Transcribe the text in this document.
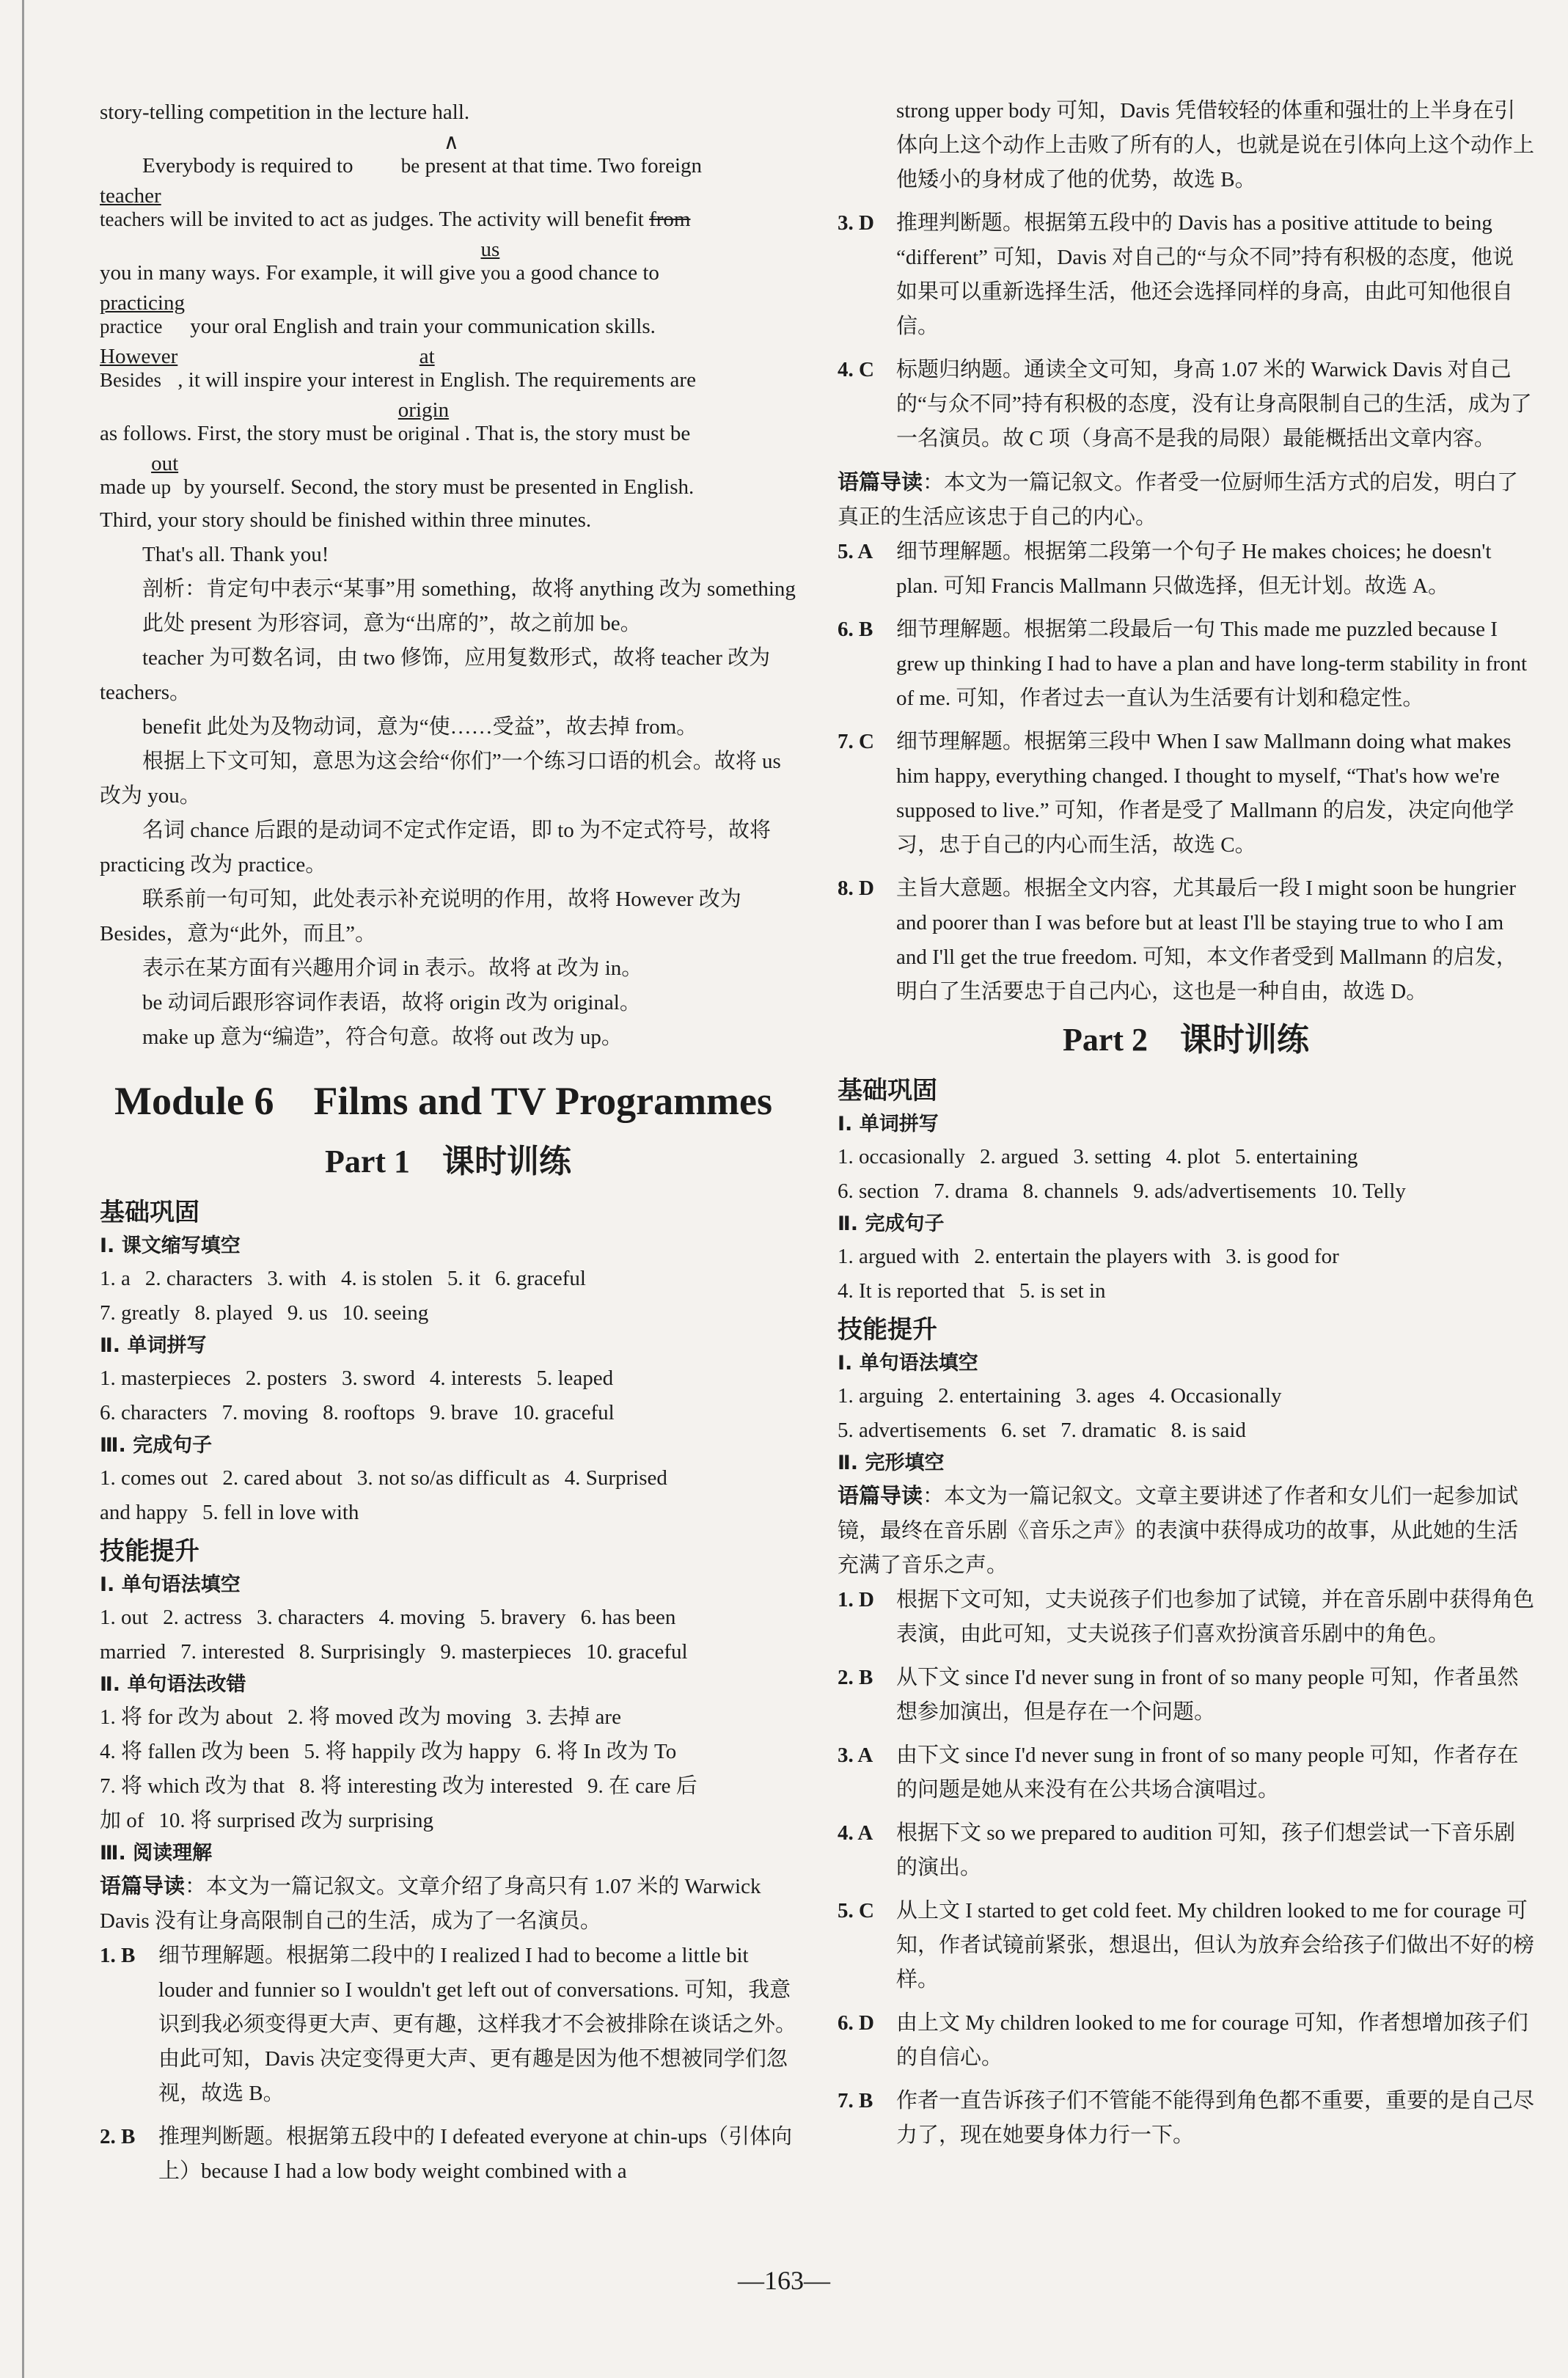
story-telling competition in the lecture hall.
Everybody is required to ∧
be present at that time. Two foreign
teacher
teachers will be invited to act as judges. The activity will benefit from
you in many ways. For example, it will give us
you a good chance to
practicing
practice	your oral English and train your communication skills.
However
Besides , it will inspire your interest $\frac{at}{in}$ English. The requirements are
as follows. First, the story must be origin
original . That is, the story must be
made out
up by yourself. Second, the story must be presented in English.
Third, your story should be finished within three minutes.
That's all. Thank you!
剖析：肯定句中表示“某事”用 something，故将 anything 改为 something
此处 present 为形容词，意为“出席的”，故之前加 be。
teacher 为可数名词，由 two 修饰，应用复数形式，故将 teacher 改为 teachers。
benefit 此处为及物动词，意为“使……受益”，故去掉 from。
根据上下文可知，意思为这会给“你们”一个练习口语的机会。故将 us 改为 you。
名词 chance 后跟的是动词不定式作定语，即 to 为不定式符号，故将 practicing 改为 practice。
联系前一句可知，此处表示补充说明的作用，故将 However 改为 Besides，意为“此外，而且”。
表示在某方面有兴趣用介词 in 表示。故将 at 改为 in。
be 动词后跟形容词作表语，故将 origin 改为 original。
make up 意为“编造”，符合句意。故将 out 改为 up。
Module 6　Films and TV Programmes
Part 1　课时训练
基础巩固
Ⅰ. 课文缩写填空
1. a 2. characters 3. with 4. is stolen 5. it 6. graceful
7. greatly 8. played 9. us 10. seeing
Ⅱ. 单词拼写
1. masterpieces 2. posters 3. sword 4. interests 5. leaped
6. characters 7. moving 8. rooftops 9. brave 10. graceful
Ⅲ. 完成句子
1. comes out 2. cared about 3. not so/as difficult as 4. Surprised
and happy 5. fell in love with
技能提升
Ⅰ. 单句语法填空
1. out 2. actress 3. characters 4. moving 5. bravery 6. has been
married 7. interested 8. Surprisingly 9. masterpieces 10. graceful
Ⅱ. 单句语法改错
1. 将 for 改为 about 2. 将 moved 改为 moving 3. 去掉 are
4. 将 fallen 改为 been 5. 将 happily 改为 happy 6. 将 In 改为 To
7. 将 which 改为 that 8. 将 interesting 改为 interested 9. 在 care 后
加 of 10. 将 surprised 改为 surprising
Ⅲ. 阅读理解
语篇导读：本文为一篇记叙文。文章介绍了身高只有 1.07 米的 Warwick Davis 没有让身高限制自己的生活，成为了一名演员。
1. B	细节理解题。根据第二段中的 I realized I had to become a little bit louder and funnier so I wouldn't get left out of conversations. 可知，我意识到我必须变得更大声、更有趣，这样我才不会被排除在谈话之外。由此可知，Davis 决定变得更大声、更有趣是因为他不想被同学们忽视，故选 B。
2. B	推理判断题。根据第五段中的 I defeated everyone at chin-ups（引体向上）because I had a low body weight combined with a
strong upper body 可知，Davis 凭借较轻的体重和强壮的上半身在引体向上这个动作上击败了所有的人，也就是说在引体向上这个动作上他矮小的身材成了他的优势，故选 B。
3. D	推理判断题。根据第五段中的 Davis has a positive attitude to being “different” 可知，Davis 对自己的“与众不同”持有积极的态度，他说如果可以重新选择生活，他还会选择同样的身高，由此可知他很自信。
4. C	标题归纳题。通读全文可知，身高 1.07 米的 Warwick Davis 对自己的“与众不同”持有积极的态度，没有让身高限制自己的生活，成为了一名演员。故 C 项（身高不是我的局限）最能概括出文章内容。
语篇导读：本文为一篇记叙文。作者受一位厨师生活方式的启发，明白了真正的生活应该忠于自己的内心。
5. A	细节理解题。根据第二段第一个句子 He makes choices; he doesn't plan. 可知 Francis Mallmann 只做选择，但无计划。故选 A。
6. B	细节理解题。根据第二段最后一句 This made me puzzled because I grew up thinking I had to have a plan and have long-term stability in front of me. 可知，作者过去一直认为生活要有计划和稳定性。
7. C	细节理解题。根据第三段中 When I saw Mallmann doing what makes him happy, everything changed. I thought to myself, “That's how we're supposed to live.” 可知，作者是受了 Mallmann 的启发，决定向他学习，忠于自己的内心而生活，故选 C。
8. D	主旨大意题。根据全文内容，尤其最后一段 I might soon be hungrier and poorer than I was before but at least I'll be staying true to who I am and I'll get the true freedom. 可知，本文作者受到 Mallmann 的启发，明白了生活要忠于自己内心，这也是一种自由，故选 D。
Part 2　课时训练
基础巩固
Ⅰ. 单词拼写
1. occasionally 2. argued 3. setting 4. plot 5. entertaining
6. section 7. drama 8. channels 9. ads/advertisements 10. Telly
Ⅱ. 完成句子
1. argued with 2. entertain the players with 3. is good for
4. It is reported that 5. is set in
技能提升
Ⅰ. 单句语法填空
1. arguing 2. entertaining 3. ages 4. Occasionally
5. advertisements 6. set 7. dramatic 8. is said
Ⅱ. 完形填空
语篇导读：本文为一篇记叙文。文章主要讲述了作者和女儿们一起参加试镜，最终在音乐剧《音乐之声》的表演中获得成功的故事，从此她的生活充满了音乐之声。
1. D	根据下文可知，丈夫说孩子们也参加了试镜，并在音乐剧中获得角色表演，由此可知，丈夫说孩子们喜欢扮演音乐剧中的角色。
2. B	从下文 since I'd never sung in front of so many people 可知，作者虽然想参加演出，但是存在一个问题。
3. A	由下文 since I'd never sung in front of so many people 可知，作者存在的问题是她从来没有在公共场合演唱过。
4. A	根据下文 so we prepared to audition 可知，孩子们想尝试一下音乐剧的演出。
5. C	从上文 I started to get cold feet. My children looked to me for courage 可知，作者试镜前紧张，想退出，但认为放弃会给孩子们做出不好的榜样。
6. D	由上文 My children looked to me for courage 可知，作者想增加孩子们的自信心。
7. B	作者一直告诉孩子们不管能不能得到角色都不重要，重要的是自己尽力了，现在她要身体力行一下。
—163—
